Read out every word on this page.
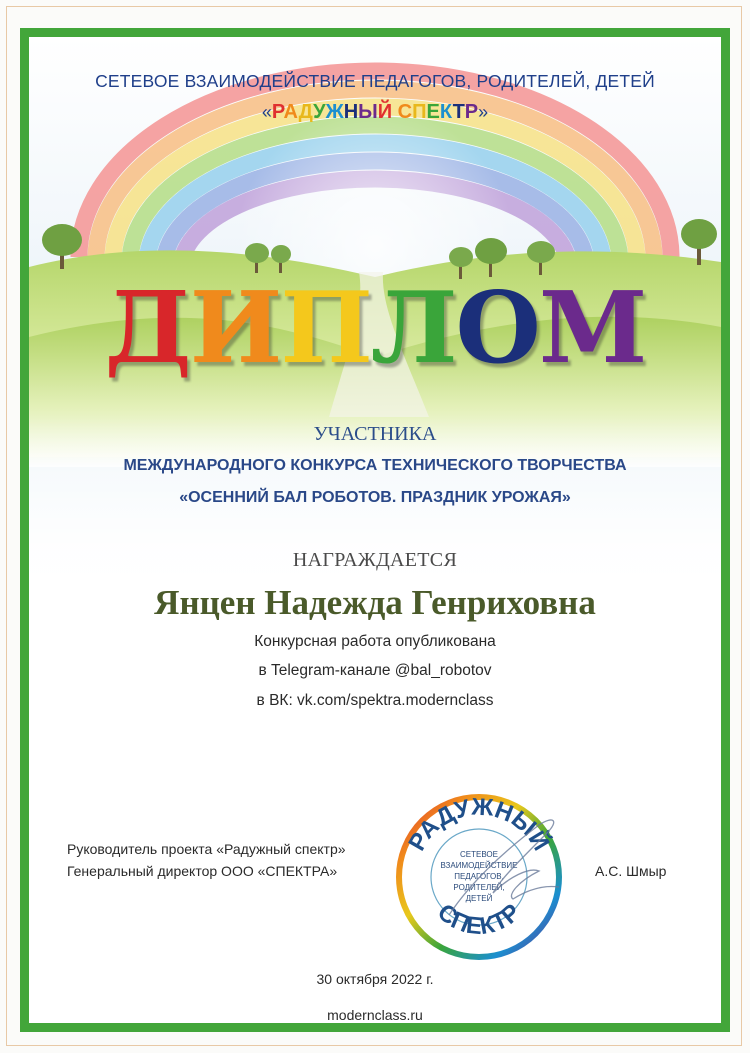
СЕТЕВОЕ ВЗАИМОДЕЙСТВИЕ ПЕДАГОГОВ, РОДИТЕЛЕЙ, ДЕТЕЙ
«РАДУЖНЫЙ СПЕКТР»
ДИПЛОМ
УЧАСТНИКА
МЕЖДУНАРОДНОГО КОНКУРСА ТЕХНИЧЕСКОГО ТВОРЧЕСТВА
«ОСЕННИЙ БАЛ РОБОТОВ. ПРАЗДНИК УРОЖАЯ»
НАГРАЖДАЕТСЯ
Янцен Надежда Генриховна
Конкурсная работа опубликована
в Telegram-канале @bal_robotov
в ВК: vk.com/spektra.modernclass
Руководитель проекта «Радужный спектр»
Генеральный директор ООО «СПЕКТРА»	А.С. Шмыр
РАДУЖНЫЙ
СПЕКТР
СЕТЕВОЕ
ВЗАИМОДЕЙСТВИЕ
ПЕДАГОГОВ,
РОДИТЕЛЕЙ,
ДЕТЕЙ
30 октября 2022 г.
modernclass.ru
